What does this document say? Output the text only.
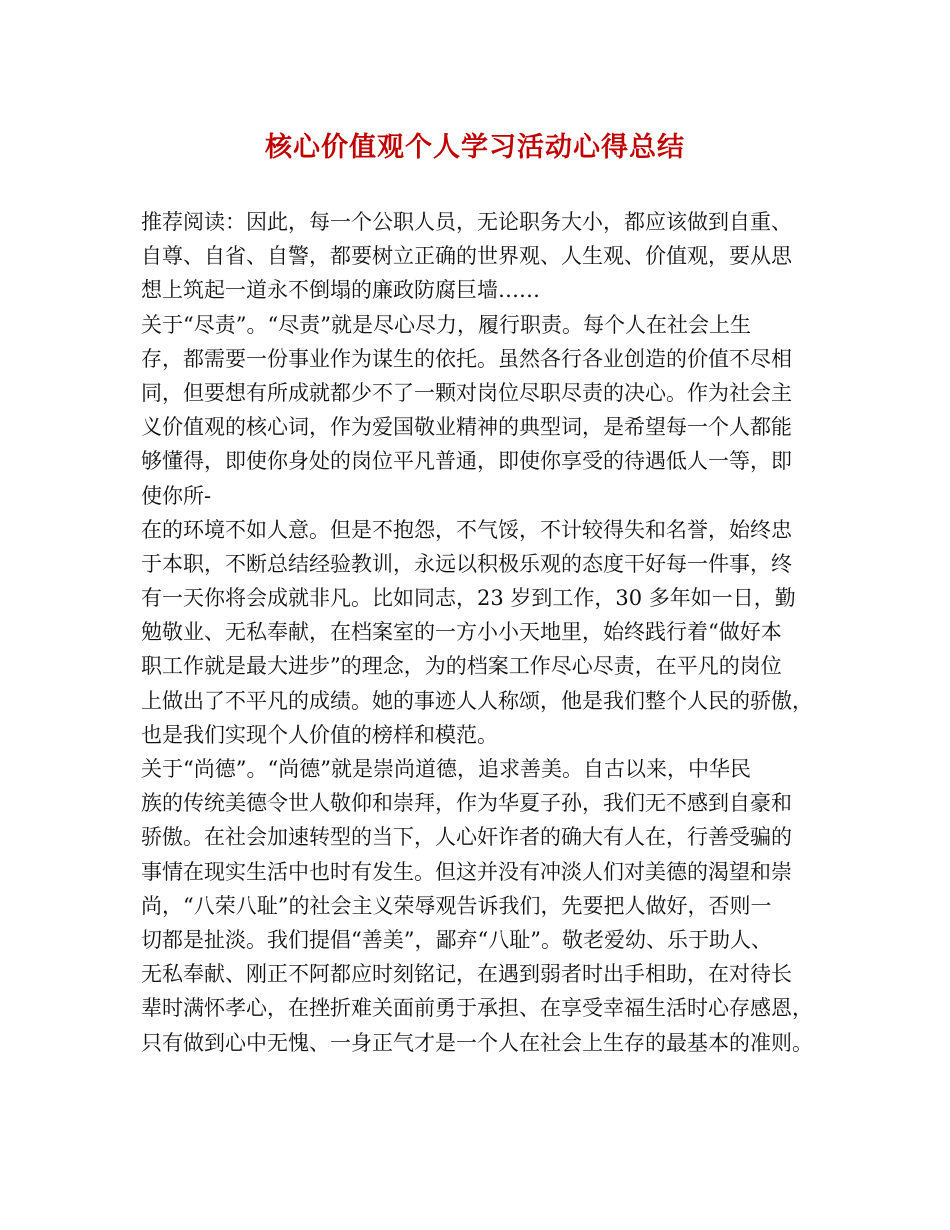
核心价值观个人学习活动心得总结
推荐阅读：因此，每一个公职人员，无论职务大小，都应该做到自重、
自尊、自省、自警，都要树立正确的世界观、人生观、价值观，要从思
想上筑起一道永不倒塌的廉政防腐巨墙……
关于“尽责”。“尽责”就是尽心尽力，履行职责。每个人在社会上生
存，都需要一份事业作为谋生的依托。虽然各行各业创造的价值不尽相
同，但要想有所成就都少不了一颗对岗位尽职尽责的决心。作为社会主
义价值观的核心词，作为爱国敬业精神的典型词，是希望每一个人都能
够懂得，即使你身处的岗位平凡普通，即使你享受的待遇低人一等，即
使你所-
在的环境不如人意。但是不抱怨，不气馁，不计较得失和名誉，始终忠
于本职，不断总结经验教训，永远以积极乐观的态度干好每一件事，终
有一天你将会成就非凡。比如同志，23 岁到工作，30 多年如一日，勤
勉敬业、无私奉献，在档案室的一方小小天地里，始终践行着“做好本
职工作就是最大进步”的理念，为的档案工作尽心尽责，在平凡的岗位
上做出了不平凡的成绩。她的事迹人人称颂，他是我们整个人民的骄傲，
也是我们实现个人价值的榜样和模范。
关于“尚德”。“尚德”就是崇尚道德，追求善美。自古以来，中华民
族的传统美德令世人敬仰和崇拜，作为华夏子孙，我们无不感到自豪和
骄傲。在社会加速转型的当下，人心奸诈者的确大有人在，行善受骗的
事情在现实生活中也时有发生。但这并没有冲淡人们对美德的渴望和崇
尚，“八荣八耻”的社会主义荣辱观告诉我们，先要把人做好，否则一
切都是扯淡。我们提倡“善美”，鄙弃“八耻”。敬老爱幼、乐于助人、
无私奉献、刚正不阿都应时刻铭记，在遇到弱者时出手相助，在对待长
辈时满怀孝心，在挫折难关面前勇于承担、在享受幸福生活时心存感恩，
只有做到心中无愧、一身正气才是一个人在社会上生存的最基本的准则。
